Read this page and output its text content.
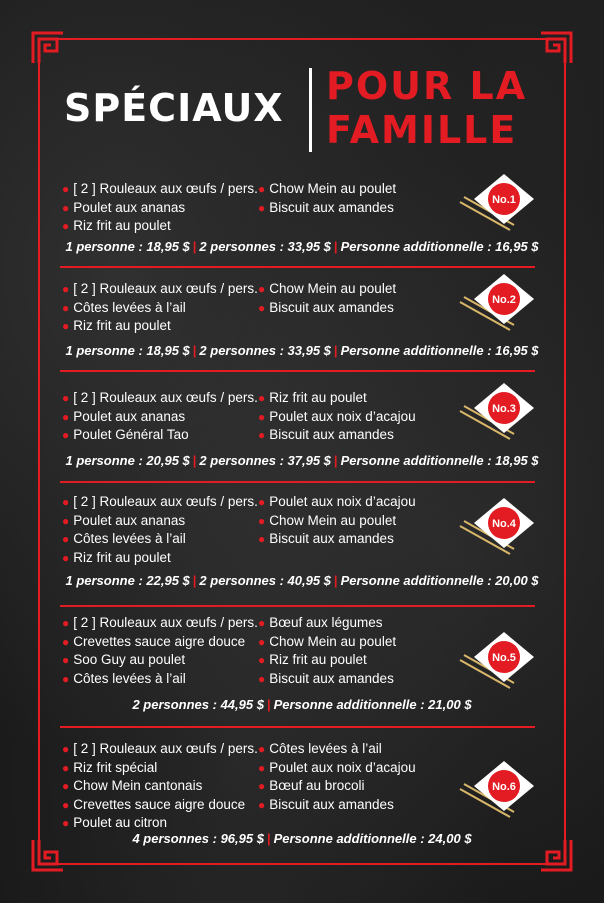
SPÉCIAUX POUR LA
FAMILLE
● [ 2 ] Rouleaux aux œufs / pers.
● Poulet aux ananas
● Riz frit au poulet
● Chow Mein au poulet
● Biscuit aux amandes
1 personne : 18,95 $ | 2 personnes : 33,95 $ | Personne additionnelle : 16,95 $
No.1
● [ 2 ] Rouleaux aux œufs / pers.
● Côtes levées à l’ail
● Riz frit au poulet
● Chow Mein au poulet
● Biscuit aux amandes
1 personne : 18,95 $ | 2 personnes : 33,95 $ | Personne additionnelle : 16,95 $
No.2
● [ 2 ] Rouleaux aux œufs / pers.
● Poulet aux ananas
● Poulet Général Tao
● Riz frit au poulet
● Poulet aux noix d’acajou
● Biscuit aux amandes
1 personne : 20,95 $ | 2 personnes : 37,95 $ | Personne additionnelle : 18,95 $
No.3
● [ 2 ] Rouleaux aux œufs / pers.
● Poulet aux ananas
● Côtes levées à l’ail
● Riz frit au poulet
● Poulet aux noix d’acajou
● Chow Mein au poulet
● Biscuit aux amandes
1 personne : 22,95 $ | 2 personnes : 40,95 $ | Personne additionnelle : 20,00 $
No.4
● [ 2 ] Rouleaux aux œufs / pers.
● Crevettes sauce aigre douce
● Soo Guy au poulet
● Côtes levées à l’ail
● Bœuf aux légumes
● Chow Mein au poulet
● Riz frit au poulet
● Biscuit aux amandes
2 personnes : 44,95 $ | Personne additionnelle : 21,00 $
No.5
● [ 2 ] Rouleaux aux œufs / pers.
● Riz frit spécial
● Chow Mein cantonais
● Crevettes sauce aigre douce
● Poulet au citron
● Côtes levées à l’ail
● Poulet aux noix d’acajou
● Bœuf au brocoli
● Biscuit aux amandes
4 personnes : 96,95 $ | Personne additionnelle : 24,00 $
No.6
